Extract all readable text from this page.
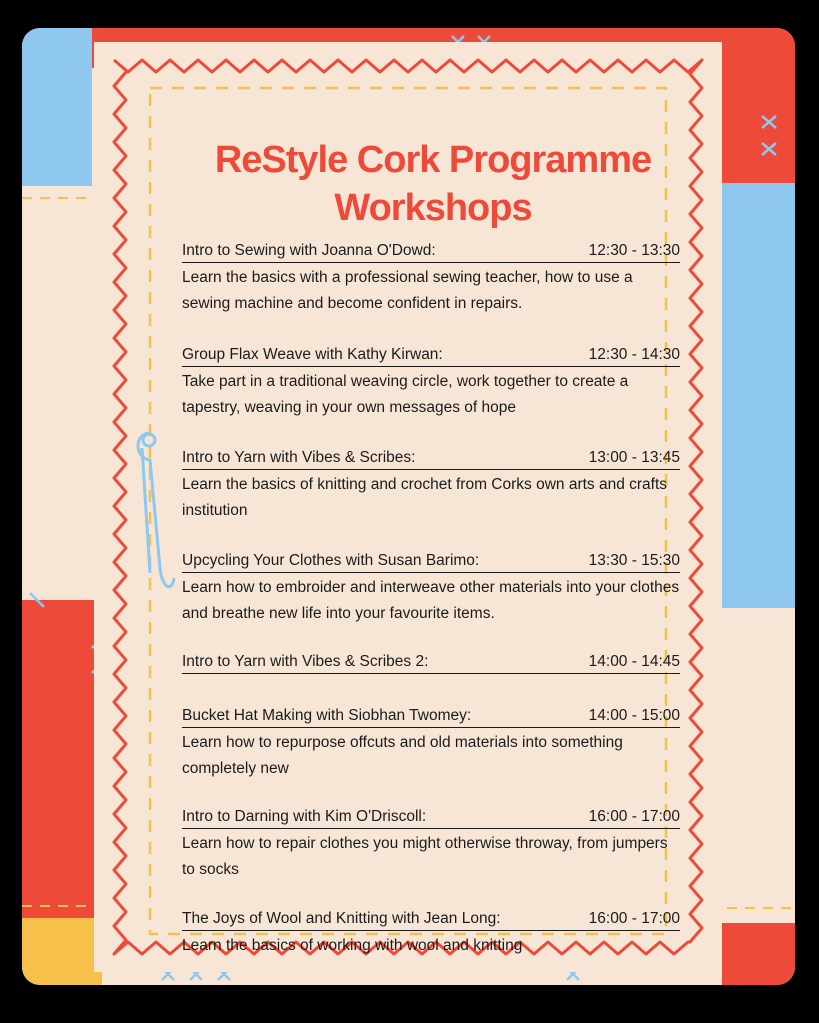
ReStyle Cork Programme
Workshops
Intro to Sewing with Joanna O'Dowd:	12:30 - 13:30
Learn the basics with a professional sewing teacher, how to use a sewing machine and become confident in repairs.
Group Flax Weave with Kathy Kirwan:	12:30 - 14:30
Take part in a traditional weaving circle, work together to create a tapestry, weaving in your own messages of hope
Intro to Yarn with Vibes & Scribes:	13:00 - 13:45
Learn the basics of knitting and crochet from Corks own arts and crafts institution
Upcycling Your Clothes with Susan Barimo:	13:30 - 15:30
Learn how to embroider and interweave other materials into your clothes and breathe new life into your favourite items.
Intro to Yarn with Vibes & Scribes 2:	14:00 - 14:45
Bucket Hat Making with Siobhan Twomey:	14:00 - 15:00
Learn how to repurpose offcuts and old materials into something completely new
Intro to Darning with Kim O'Driscoll:	16:00 - 17:00
Learn how to repair clothes you might otherwise throway, from jumpers to socks
The Joys of Wool and Knitting with Jean Long:	16:00 - 17:00
Learn the basics of working with wool and knitting
